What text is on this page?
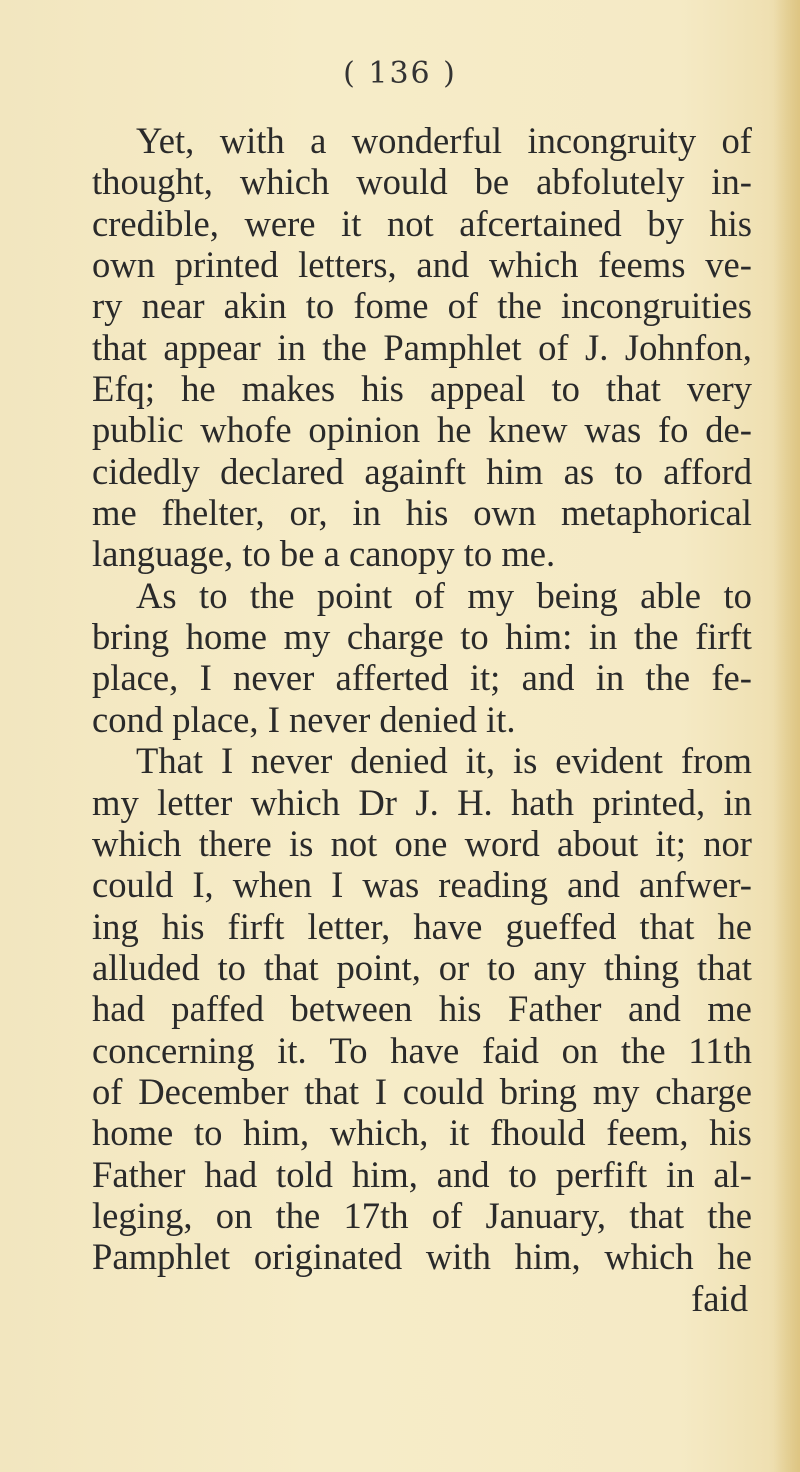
( 136 )
Yet, with a wonderful incongruity of
thought, which would be abfolutely in-
credible, were it not afcertained by his
own printed letters, and which feems ve-
ry near akin to fome of the incongruities
that appear in the Pamphlet of J. Johnfon,
Efq; he makes his appeal to that very
public whofe opinion he knew was fo de-
cidedly declared againft him as to afford
me fhelter, or, in his own metaphorical
language, to be a canopy to me.
As to the point of my being able to
bring home my charge to him: in the firft
place, I never afferted it; and in the fe-
cond place, I never denied it.
That I never denied it, is evident from
my letter which Dr J. H. hath printed, in
which there is not one word about it; nor
could I, when I was reading and anfwer-
ing his firft letter, have gueffed that he
alluded to that point, or to any thing that
had paffed between his Father and me
concerning it. To have faid on the 11th
of December that I could bring my charge
home to him, which, it fhould feem, his
Father had told him, and to perfift in al-
leging, on the 17th of January, that the
Pamphlet originated with him, which he
faid
